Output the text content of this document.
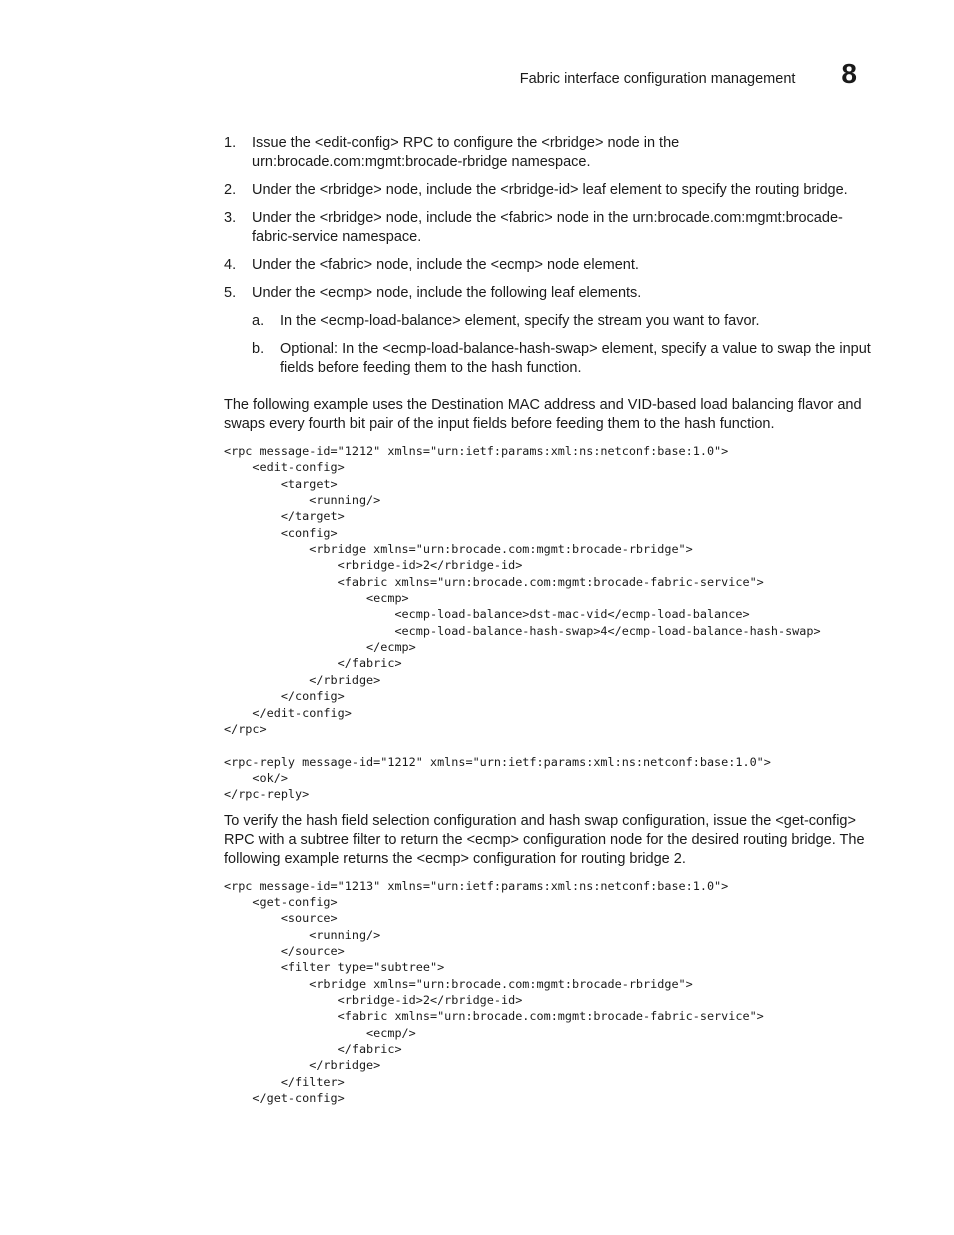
Fabric interface configuration management 8
1.	Issue the <edit-config> RPC to configure the <rbridge> node in the urn:brocade.com:mgmt:brocade-rbridge namespace.
2.	Under the <rbridge> node, include the <rbridge-id> leaf element to specify the routing bridge.
3.	Under the <rbridge> node, include the <fabric> node in the urn:brocade.com:mgmt:brocade-fabric-service namespace.
4.	Under the <fabric> node, include the <ecmp> node element.
5.	Under the <ecmp> node, include the following leaf elements.
a.	In the <ecmp-load-balance> element, specify the stream you want to favor.
b.	Optional: In the <ecmp-load-balance-hash-swap> element, specify a value to swap the input fields before feeding them to the hash function.

The following example uses the Destination MAC address and VID-based load balancing flavor and swaps every fourth bit pair of the input fields before feeding them to the hash function.

<rpc message-id="1212" xmlns="urn:ietf:params:xml:ns:netconf:base:1.0">
<edit-config>
<target>
<running/>
</target>
<config>
<rbridge xmlns="urn:brocade.com:mgmt:brocade-rbridge">
<rbridge-id>2</rbridge-id>
<fabric xmlns="urn:brocade.com:mgmt:brocade-fabric-service">
<ecmp>
<ecmp-load-balance>dst-mac-vid</ecmp-load-balance>
<ecmp-load-balance-hash-swap>4</ecmp-load-balance-hash-swap>
</ecmp>
</fabric>
</rbridge>
</config>
</edit-config>
</rpc>

<rpc-reply message-id="1212" xmlns="urn:ietf:params:xml:ns:netconf:base:1.0">
<ok/>
</rpc-reply>

To verify the hash field selection configuration and hash swap configuration, issue the <get-config> RPC with a subtree filter to return the <ecmp> configuration node for the desired routing bridge. The following example returns the <ecmp> configuration for routing bridge 2.

<rpc message-id="1213" xmlns="urn:ietf:params:xml:ns:netconf:base:1.0">
<get-config>
<source>
<running/>
</source>
<filter type="subtree">
<rbridge xmlns="urn:brocade.com:mgmt:brocade-rbridge">
<rbridge-id>2</rbridge-id>
<fabric xmlns="urn:brocade.com:mgmt:brocade-fabric-service">
<ecmp/>
</fabric>
</rbridge>
</filter>
</get-config>
